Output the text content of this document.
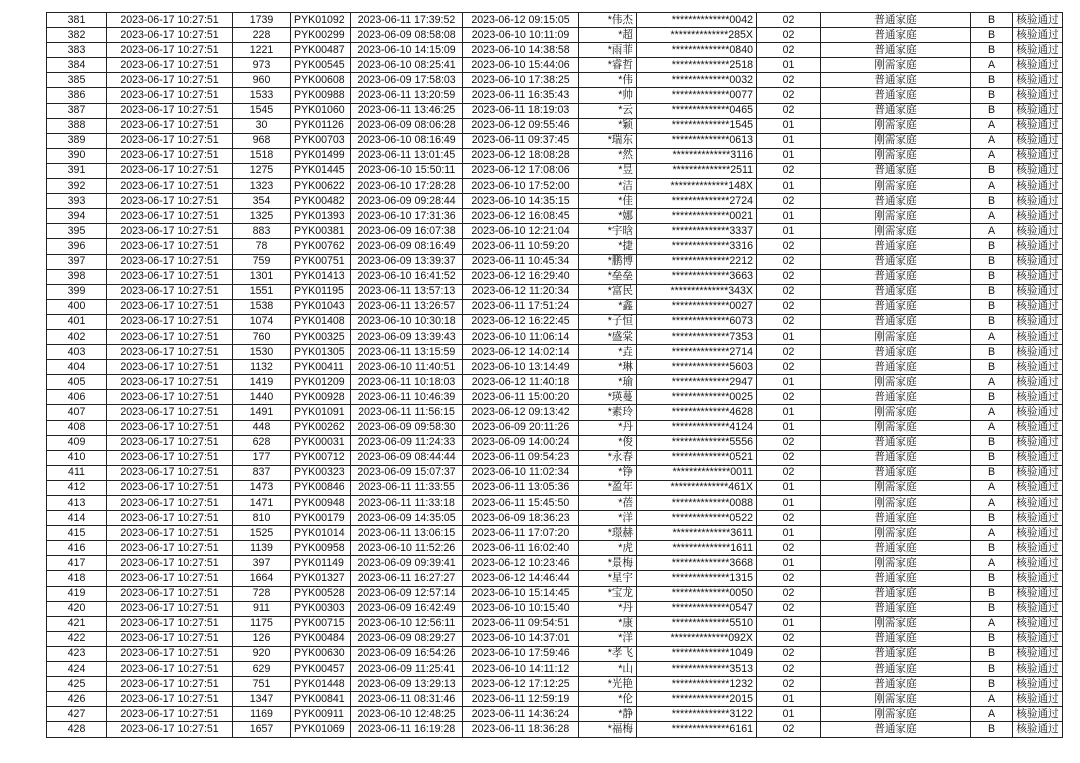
381	2023-06-17 10:27:51	1739	PYK01092	2023-06-11 17:39:52	2023-06-12 09:15:05	*伟杰	**************0042	02	普通家庭	B	核验通过
382	2023-06-17 10:27:51	228	PYK00299	2023-06-09 08:58:08	2023-06-10 10:11:09	*超	**************285X	02	普通家庭	B	核验通过
383	2023-06-17 10:27:51	1221	PYK00487	2023-06-10 14:15:09	2023-06-10 14:38:58	*雨菲	**************0840	02	普通家庭	B	核验通过
384	2023-06-17 10:27:51	973	PYK00545	2023-06-10 08:25:41	2023-06-10 15:44:06	*睿哲	**************2518	01	刚需家庭	A	核验通过
385	2023-06-17 10:27:51	960	PYK00608	2023-06-09 17:58:03	2023-06-10 17:38:25	*伟	**************0032	02	普通家庭	B	核验通过
386	2023-06-17 10:27:51	1533	PYK00988	2023-06-11 13:20:59	2023-06-11 16:35:43	*帅	**************0077	02	普通家庭	B	核验通过
387	2023-06-17 10:27:51	1545	PYK01060	2023-06-11 13:46:25	2023-06-11 18:19:03	*云	**************0465	02	普通家庭	B	核验通过
388	2023-06-17 10:27:51	30	PYK01126	2023-06-09 08:06:28	2023-06-12 09:55:46	*颖	**************1545	01	刚需家庭	A	核验通过
389	2023-06-17 10:27:51	968	PYK00703	2023-06-10 08:16:49	2023-06-11 09:37:45	*瑞东	**************0613	01	刚需家庭	A	核验通过
390	2023-06-17 10:27:51	1518	PYK01499	2023-06-11 13:01:45	2023-06-12 18:08:28	*然	**************3116	01	刚需家庭	A	核验通过
391	2023-06-17 10:27:51	1275	PYK01445	2023-06-10 15:50:11	2023-06-12 17:08:06	*昱	**************2511	02	普通家庭	B	核验通过
392	2023-06-17 10:27:51	1323	PYK00622	2023-06-10 17:28:28	2023-06-10 17:52:00	*洁	**************148X	01	刚需家庭	A	核验通过
393	2023-06-17 10:27:51	354	PYK00482	2023-06-09 09:28:44	2023-06-10 14:35:15	*佳	**************2724	02	普通家庭	B	核验通过
394	2023-06-17 10:27:51	1325	PYK01393	2023-06-10 17:31:36	2023-06-12 16:08:45	*娜	**************0021	01	刚需家庭	A	核验通过
395	2023-06-17 10:27:51	883	PYK00381	2023-06-09 16:07:38	2023-06-10 12:21:04	*宇晗	**************3337	01	刚需家庭	A	核验通过
396	2023-06-17 10:27:51	78	PYK00762	2023-06-09 08:16:49	2023-06-11 10:59:20	*捷	**************3316	02	普通家庭	B	核验通过
397	2023-06-17 10:27:51	759	PYK00751	2023-06-09 13:39:37	2023-06-11 10:45:34	*鹏博	**************2212	02	普通家庭	B	核验通过
398	2023-06-17 10:27:51	1301	PYK01413	2023-06-10 16:41:52	2023-06-12 16:29:40	*垒垒	**************3663	02	普通家庭	B	核验通过
399	2023-06-17 10:27:51	1551	PYK01195	2023-06-11 13:57:13	2023-06-12 11:20:34	*富民	**************343X	02	普通家庭	B	核验通过
400	2023-06-17 10:27:51	1538	PYK01043	2023-06-11 13:26:57	2023-06-11 17:51:24	*鑫	**************0027	02	普通家庭	B	核验通过
401	2023-06-17 10:27:51	1074	PYK01408	2023-06-10 10:30:18	2023-06-12 16:22:45	*子恒	**************6073	02	普通家庭	B	核验通过
402	2023-06-17 10:27:51	760	PYK00325	2023-06-09 13:39:43	2023-06-10 11:06:14	*盛棠	**************7353	01	刚需家庭	A	核验通过
403	2023-06-17 10:27:51	1530	PYK01305	2023-06-11 13:15:59	2023-06-12 14:02:14	*垚	**************2714	02	普通家庭	B	核验通过
404	2023-06-17 10:27:51	1132	PYK00411	2023-06-10 11:40:51	2023-06-10 13:14:49	*琳	**************5603	02	普通家庭	B	核验通过
405	2023-06-17 10:27:51	1419	PYK01209	2023-06-11 10:18:03	2023-06-12 11:40:18	*瑜	**************2947	01	刚需家庭	A	核验通过
406	2023-06-17 10:27:51	1440	PYK00928	2023-06-11 10:46:39	2023-06-11 15:00:20	*瑛蔓	**************0025	02	普通家庭	B	核验通过
407	2023-06-17 10:27:51	1491	PYK01091	2023-06-11 11:56:15	2023-06-12 09:13:42	*素玲	**************4628	01	刚需家庭	A	核验通过
408	2023-06-17 10:27:51	448	PYK00262	2023-06-09 09:58:30	2023-06-09 20:11:26	*丹	**************4124	01	刚需家庭	A	核验通过
409	2023-06-17 10:27:51	628	PYK00031	2023-06-09 11:24:33	2023-06-09 14:00:24	*俊	**************5556	02	普通家庭	B	核验通过
410	2023-06-17 10:27:51	177	PYK00712	2023-06-09 08:44:44	2023-06-11 09:54:23	*永春	**************0521	02	普通家庭	B	核验通过
411	2023-06-17 10:27:51	837	PYK00323	2023-06-09 15:07:37	2023-06-10 11:02:34	*铮	**************0011	02	普通家庭	B	核验通过
412	2023-06-17 10:27:51	1473	PYK00846	2023-06-11 11:33:55	2023-06-11 13:05:36	*盈年	**************461X	01	刚需家庭	A	核验通过
413	2023-06-17 10:27:51	1471	PYK00948	2023-06-11 11:33:18	2023-06-11 15:45:50	*蓓	**************0088	01	刚需家庭	A	核验通过
414	2023-06-17 10:27:51	810	PYK00179	2023-06-09 14:35:05	2023-06-09 18:36:23	*洋	**************0522	02	普通家庭	B	核验通过
415	2023-06-17 10:27:51	1525	PYK01014	2023-06-11 13:06:15	2023-06-11 17:07:20	*璟赫	**************3611	01	刚需家庭	A	核验通过
416	2023-06-17 10:27:51	1139	PYK00958	2023-06-10 11:52:26	2023-06-11 16:02:40	*虎	**************1611	02	普通家庭	B	核验通过
417	2023-06-17 10:27:51	397	PYK01149	2023-06-09 09:39:41	2023-06-12 10:23:46	*景梅	**************3668	01	刚需家庭	A	核验通过
418	2023-06-17 10:27:51	1664	PYK01327	2023-06-11 16:27:27	2023-06-12 14:46:44	*星宇	**************1315	02	普通家庭	B	核验通过
419	2023-06-17 10:27:51	728	PYK00528	2023-06-09 12:57:14	2023-06-10 15:14:45	*宝龙	**************0050	02	普通家庭	B	核验通过
420	2023-06-17 10:27:51	911	PYK00303	2023-06-09 16:42:49	2023-06-10 10:15:40	*丹	**************0547	02	普通家庭	B	核验通过
421	2023-06-17 10:27:51	1175	PYK00715	2023-06-10 12:56:11	2023-06-11 09:54:51	*康	**************5510	01	刚需家庭	A	核验通过
422	2023-06-17 10:27:51	126	PYK00484	2023-06-09 08:29:27	2023-06-10 14:37:01	*洋	**************092X	02	普通家庭	B	核验通过
423	2023-06-17 10:27:51	920	PYK00630	2023-06-09 16:54:26	2023-06-10 17:59:46	*孝飞	**************1049	02	普通家庭	B	核验通过
424	2023-06-17 10:27:51	629	PYK00457	2023-06-09 11:25:41	2023-06-10 14:11:12	*山	**************3513	02	普通家庭	B	核验通过
425	2023-06-17 10:27:51	751	PYK01448	2023-06-09 13:29:13	2023-06-12 17:12:25	*光艳	**************1232	02	普通家庭	B	核验通过
426	2023-06-17 10:27:51	1347	PYK00841	2023-06-11 08:31:46	2023-06-11 12:59:19	*伦	**************2015	01	刚需家庭	A	核验通过
427	2023-06-17 10:27:51	1169	PYK00911	2023-06-10 12:48:25	2023-06-11 14:36:24	*静	**************3122	01	刚需家庭	A	核验通过
428	2023-06-17 10:27:51	1657	PYK01069	2023-06-11 16:19:28	2023-06-11 18:36:28	*福梅	**************6161	02	普通家庭	B	核验通过
